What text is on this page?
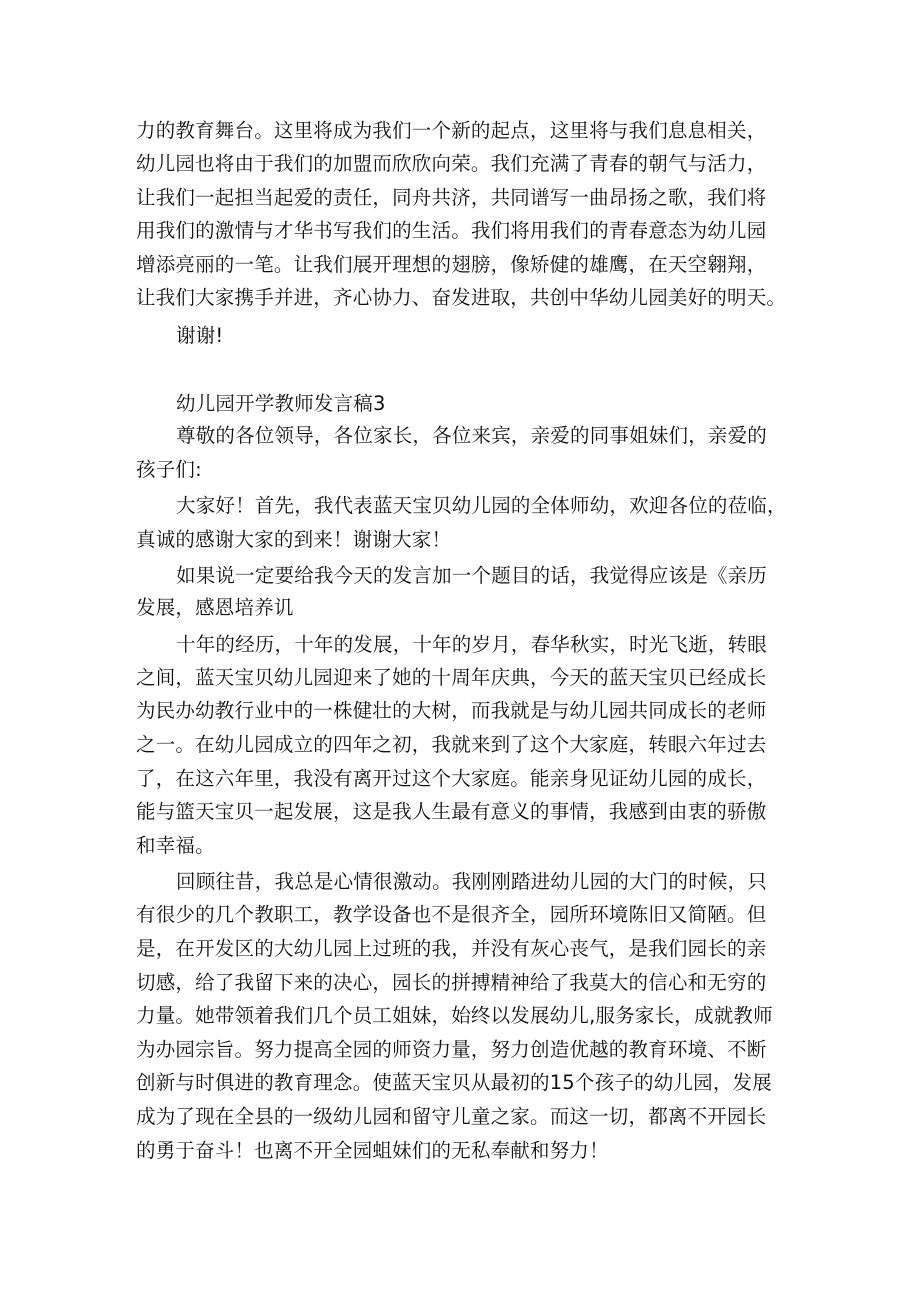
力的教育舞台。这里将成为我们一个新的起点，这里将与我们息息相关，
幼儿园也将由于我们的加盟而欣欣向荣。我们充满了青春的朝气与活力，
让我们一起担当起爱的责任，同舟共济，共同谱写一曲昂扬之歌，我们将
用我们的激情与才华书写我们的生活。我们将用我们的青春意态为幼儿园
增添亮丽的一笔。让我们展开理想的翅膀，像矫健的雄鹰，在天空翱翔，
让我们大家携手并进，齐心协力、奋发进取，共创中华幼儿园美好的明天。
谢谢!
幼儿园开学教师发言稿3
尊敬的各位领导，各位家长，各位来宾，亲爱的同事姐妹们，亲爱的
孩子们:
大家好！首先，我代表蓝天宝贝幼儿园的全体师幼，欢迎各位的莅临，
真诚的感谢大家的到来！谢谢大家！
如果说一定要给我今天的发言加一个题目的话，我觉得应该是《亲历
发展，感恩培养讥
十年的经历，十年的发展，十年的岁月，春华秋实，时光飞逝，转眼
之间，蓝天宝贝幼儿园迎来了她的十周年庆典，今天的蓝天宝贝已经成长
为民办幼教行业中的一株健壮的大树，而我就是与幼儿园共同成长的老师
之一。在幼儿园成立的四年之初，我就来到了这个大家庭，转眼六年过去
了，在这六年里，我没有离开过这个大家庭。能亲身见证幼儿园的成长，
能与篮天宝贝一起发展，这是我人生最有意义的事情，我感到由衷的骄傲
和幸福。
回顾往昔，我总是心情很激动。我刚刚踏进幼儿园的大门的时候，只
有很少的几个教职工，教学设备也不是很齐全，园所环境陈旧又简陋。但
是，在开发区的大幼儿园上过班的我，并没有灰心丧气，是我们园长的亲
切感，给了我留下来的决心，园长的拼搏精神给了我莫大的信心和无穷的
力量。她带领着我们几个员工姐妹，始终以发展幼儿,服务家长，成就教师
为办园宗旨。努力提高全园的师资力量，努力创造优越的教育环境、不断
创新与时俱进的教育理念。使蓝天宝贝从最初的15个孩子的幼儿园，发展
成为了现在全县的一级幼儿园和留守儿童之家。而这一切，都离不开园长
的勇于奋斗！也离不开全园蛆妹们的无私奉献和努力！
